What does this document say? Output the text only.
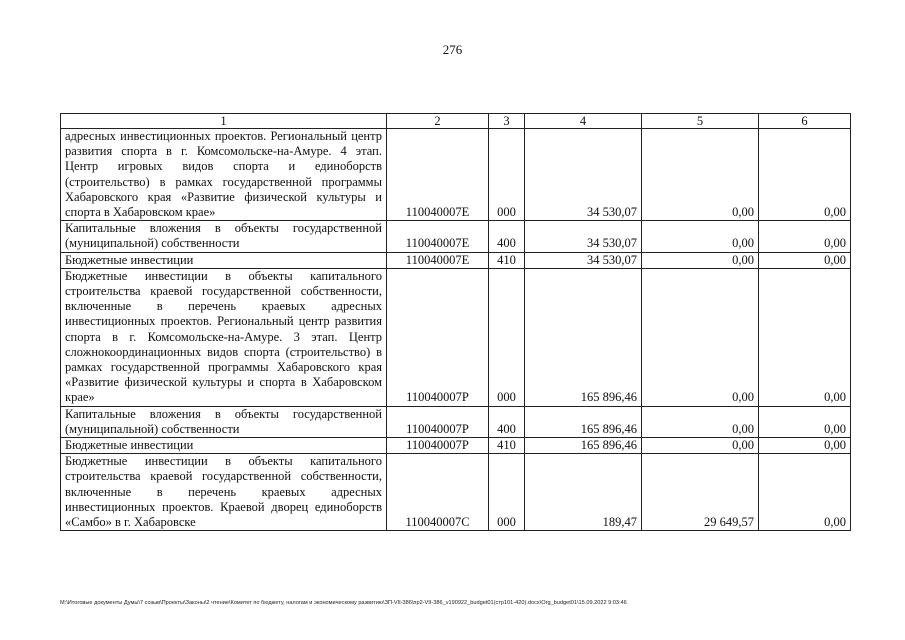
276
1	2	3	4	5	6
адресных инвестиционных проектов. Региональный центр развития спорта в г. Комсомольске-на-Амуре. 4 этап. Центр игровых видов спорта и единоборств (строительство) в рамках государственной программы Хабаровского края «Развитие физической культуры и спорта в Хабаровском крае»	110040007Е	000	34 530,07	0,00	0,00
Капитальные вложения в объекты государственной (муниципальной) собственности	110040007Е	400	34 530,07	0,00	0,00
Бюджетные инвестиции	110040007Е	410	34 530,07	0,00	0,00
Бюджетные инвестиции в объекты капитального строительства краевой государственной собственности, включенные в перечень краевых адресных инвестиционных проектов. Региональный центр развития спорта в г. Комсомольске-на-Амуре. 3 этап. Центр сложнокоординационных видов спорта (строительство) в рамках государственной программы Хабаровского края «Развитие физической культуры и спорта в Хабаровском крае»	110040007Р	000	165 896,46	0,00	0,00
Капитальные вложения в объекты государственной (муниципальной) собственности	110040007Р	400	165 896,46	0,00	0,00
Бюджетные инвестиции	110040007Р	410	165 896,46	0,00	0,00
Бюджетные инвестиции в объекты капитального строительства краевой государственной собственности, включенные в перечень краевых адресных инвестиционных проектов. Краевой дворец единоборств «Самбо» в г. Хабаровске	110040007С	000	189,47	29 649,57	0,00
М:\Итоговые документы Думы\7 созыв\Проекты\Законы\2 чтение\Комитет по бюджету, налогам и экономическому развитию\ЗП-VII-386\пр2-VII-386_v190922_budget01(стр101-420).docx\Org_budget01\15.09.2022 9:03:46
